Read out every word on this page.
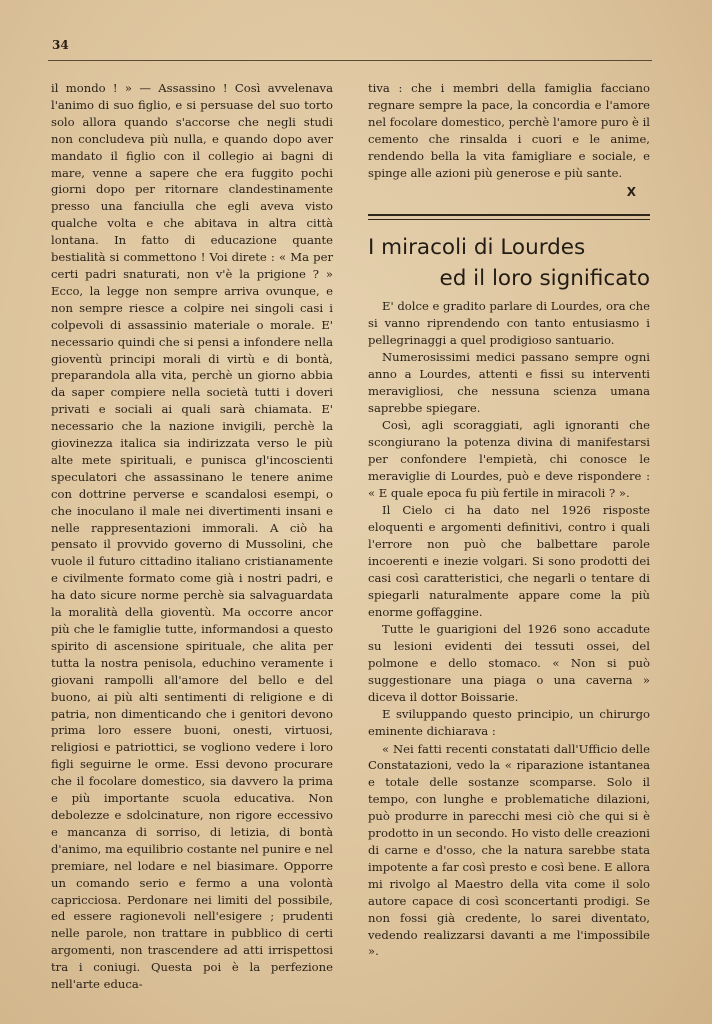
34

il mondo ! » — Assassino ! Così avvelenava l'animo di suo figlio, e si persuase del suo torto solo allora quando s'accorse che negli studi non concludeva più nulla, e quando dopo aver mandato il figlio con il collegio ai bagni di mare, venne a sapere che era fuggito pochi giorni dopo per ritornare clandestinamente presso una fanciulla che egli aveva visto qualche volta e che abitava in altra città lontana. In fatto di educazione quante bestialità si commettono ! Voi direte : « Ma per certi padri snaturati, non v'è la prigione ? » Ecco, la legge non sempre arriva ovunque, e non sempre riesce a colpire nei singoli casi i colpevoli di assassinio materiale o morale. E' necessario quindi che si pensi a infondere nella gioventù principi morali di virtù e di bontà, preparandola alla vita, perchè un giorno abbia da saper compiere nella società tutti i doveri privati e sociali ai quali sarà chiamata. E' necessario che la nazione invigili, perchè la giovinezza italica sia indirizzata verso le più alte mete spirituali, e punisca gl'incoscienti speculatori che assassinano le tenere anime con dottrine perverse e scandalosi esempi, o che inoculano il male nei divertimenti insani e nelle rappresentazioni immorali. A ciò ha pensato il provvido governo di Mussolini, che vuole il futuro cittadino italiano cristianamente e civilmente formato come già i nostri padri, e ha dato sicure norme perchè sia salvaguardata la moralità della gioventù. Ma occorre ancor più che le famiglie tutte, informandosi a questo spirito di ascensione spirituale, che alita per tutta la nostra penisola, educhino veramente i giovani rampolli all'amore del bello e del buono, ai più alti sentimenti di religione e di patria, non dimenticando che i genitori devono prima loro essere buoni, onesti, virtuosi, religiosi e patriottici, se vogliono vedere i loro figli seguirne le orme. Essi devono procurare che il focolare domestico, sia davvero la prima e più importante scuola educativa. Non debolezze e sdolcinature, non rigore eccessivo e mancanza di sorriso, di letizia, di bontà d'animo, ma equilibrio costante nel punire e nel premiare, nel lodare e nel biasimare. Opporre un comando serio e fermo a una volontà capricciosa. Perdonare nei limiti del possibile, ed essere ragionevoli nell'esigere ; prudenti nelle parole, non trattare in pubblico di certi argomenti, non trascendere ad atti irrispettosi tra i coniugi. Questa poi è la perfezione nell'arte educa-

tiva : che i membri della famiglia facciano regnare sempre la pace, la concordia e l'amore nel focolare domestico, perchè l'amore puro è il cemento che rinsalda i cuori e le anime, rendendo bella la vita famigliare e sociale, e spinge alle azioni più generose e più sante.

X
I miracoli di Lourdes
ed il loro significato

E' dolce e gradito parlare di Lourdes, ora che si vanno riprendendo con tanto entusiasmo i pellegrinaggi a quel prodigioso santuario.

Numerosissimi medici passano sempre ogni anno a Lourdes, attenti e fissi su interventi meravigliosi, che nessuna scienza umana saprebbe spiegare.

Così, agli scoraggiati, agli ignoranti che scongiurano la potenza divina di manifestarsi per confondere l'empietà, chi conosce le meraviglie di Lourdes, può e deve rispondere : « E quale epoca fu più fertile in miracoli ? ».

Il Cielo ci ha dato nel 1926 risposte eloquenti e argomenti definitivi, contro i quali l'errore non può che balbettare parole incoerenti e inezie volgari. Si sono prodotti dei casi così caratteristici, che negarli o tentare di spiegarli naturalmente appare come la più enorme goffaggine.

Tutte le guarigioni del 1926 sono accadute su lesioni evidenti dei tessuti ossei, del polmone e dello stomaco. « Non si può suggestionare una piaga o una caverna » diceva il dottor Boissarie.

E sviluppando questo principio, un chirurgo eminente dichiarava :

« Nei fatti recenti constatati dall'Ufficio delle Constatazioni, vedo la « riparazione istantanea e totale delle sostanze scomparse. Solo il tempo, con lunghe e problematiche dilazioni, può produrre in parecchi mesi ciò che qui si è prodotto in un secondo. Ho visto delle creazioni di carne e d'osso, che la natura sarebbe stata impotente a far così presto e così bene. E allora mi rivolgo al Maestro della vita come il solo autore capace di così sconcertanti prodigi. Se non fossi già credente, lo sarei diventato, vedendo realizzarsi davanti a me l'impossibile ».
